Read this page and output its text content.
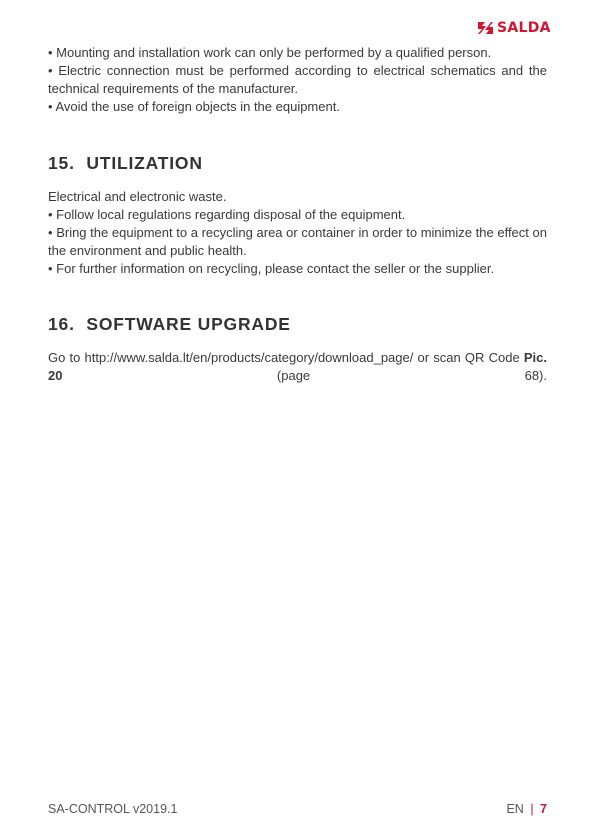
SALDA

• Mounting and installation work can only be performed by a qualified person.

• Electric connection must be performed according to electrical schematics and the technical requirements of the manufacturer.

• Avoid the use of foreign objects in the equipment.

15. UTILIZATION

Electrical and electronic waste.

• Follow local regulations regarding disposal of the equipment.

• Bring the equipment to a recycling area or container in order to minimize the effect on the environment and public health.

• For further information on recycling, please contact the seller or the supplier.

16. SOFTWARE UPGRADE

Go to http://www.salda.lt/en/products/category/download_page/ or scan QR Code Pic. 20 (page 68).

SA-CONTROL v2019.1	EN | 7
